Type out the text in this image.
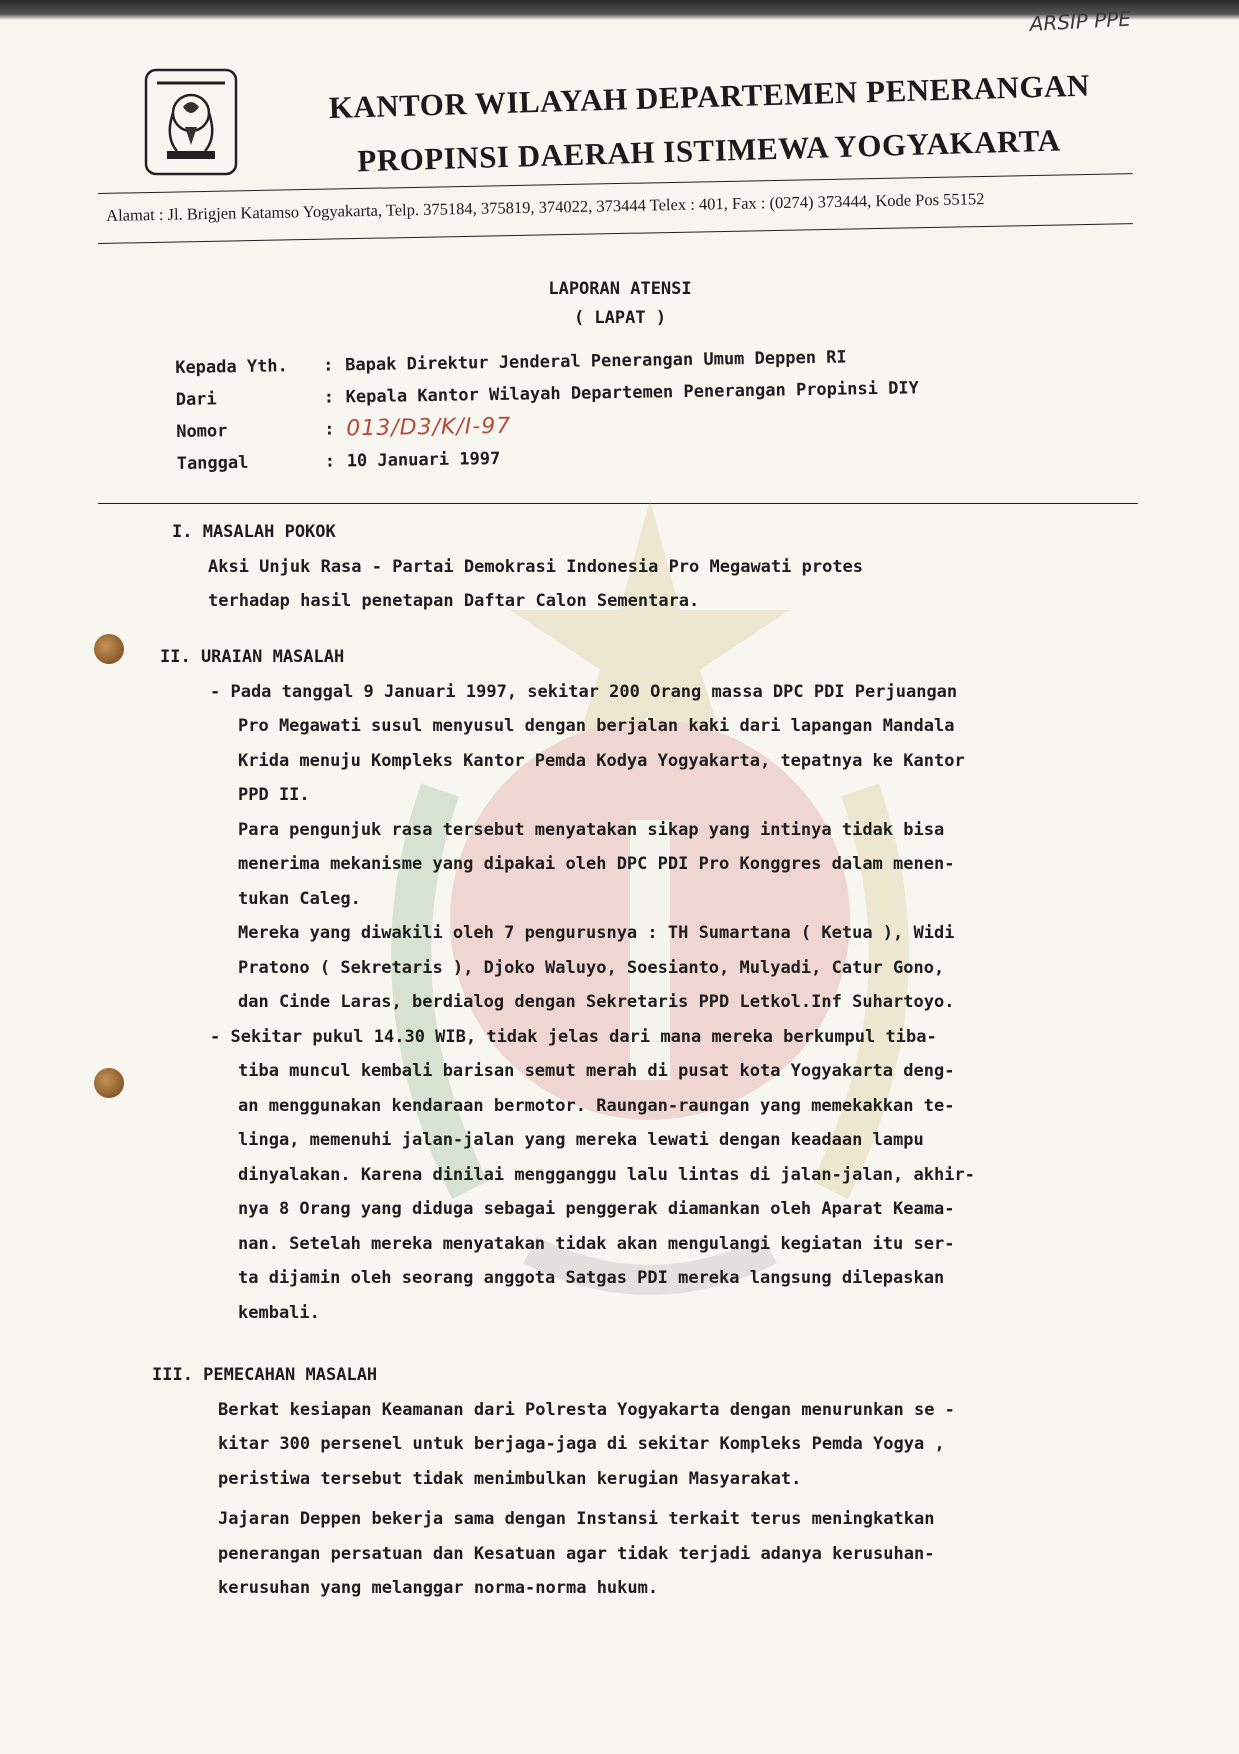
ARSIP PPE
KANTOR WILAYAH DEPARTEMEN PENERANGAN
PROPINSI DAERAH ISTIMEWA YOGYAKARTA
Alamat : Jl. Brigjen Katamso Yogyakarta, Telp. 375184, 375819, 374022, 373444 Telex : 401, Fax : (0274) 373444, Kode Pos 55152
LAPORAN ATENSI
( LAPAT )
Kepada Yth.	: Bapak Direktur Jenderal Penerangan Umum Deppen RI
Dari	: Kepala Kantor Wilayah Departemen Penerangan Propinsi DIY
Nomor	: 013/D3/K/I-97
Tanggal	: 10 Januari 1997
I. MASALAH POKOK
Aksi Unjuk Rasa - Partai Demokrasi Indonesia Pro Megawati protes
terhadap hasil penetapan Daftar Calon Sementara.
II. URAIAN MASALAH
- Pada tanggal 9 Januari 1997, sekitar 200 Orang massa DPC PDI Perjuangan
Pro Megawati susul menyusul dengan berjalan kaki dari lapangan Mandala
Krida menuju Kompleks Kantor Pemda Kodya Yogyakarta, tepatnya ke Kantor
PPD II.
Para pengunjuk rasa tersebut menyatakan sikap yang intinya tidak bisa
menerima mekanisme yang dipakai oleh DPC PDI Pro Konggres dalam menen-
tukan Caleg.
Mereka yang diwakili oleh 7 pengurusnya : TH Sumartana ( Ketua ), Widi
Pratono ( Sekretaris ), Djoko Waluyo, Soesianto, Mulyadi, Catur Gono,
dan Cinde Laras, berdialog dengan Sekretaris PPD Letkol.Inf Suhartoyo.
- Sekitar pukul 14.30 WIB, tidak jelas dari mana mereka berkumpul tiba-
tiba muncul kembali barisan semut merah di pusat kota Yogyakarta deng-
an menggunakan kendaraan bermotor. Raungan-raungan yang memekakkan te-
linga, memenuhi jalan-jalan yang mereka lewati dengan keadaan lampu
dinyalakan. Karena dinilai mengganggu lalu lintas di jalan-jalan, akhir-
nya 8 Orang yang diduga sebagai penggerak diamankan oleh Aparat Keama-
nan. Setelah mereka menyatakan tidak akan mengulangi kegiatan itu ser-
ta dijamin oleh seorang anggota Satgas PDI mereka langsung dilepaskan
kembali.
III. PEMECAHAN MASALAH
Berkat kesiapan Keamanan dari Polresta Yogyakarta dengan menurunkan se -
kitar 300 persenel untuk berjaga-jaga di sekitar Kompleks Pemda Yogya ,
peristiwa tersebut tidak menimbulkan kerugian Masyarakat.
Jajaran Deppen bekerja sama dengan Instansi terkait terus meningkatkan
penerangan persatuan dan Kesatuan agar tidak terjadi adanya kerusuhan-
kerusuhan yang melanggar norma-norma hukum.
